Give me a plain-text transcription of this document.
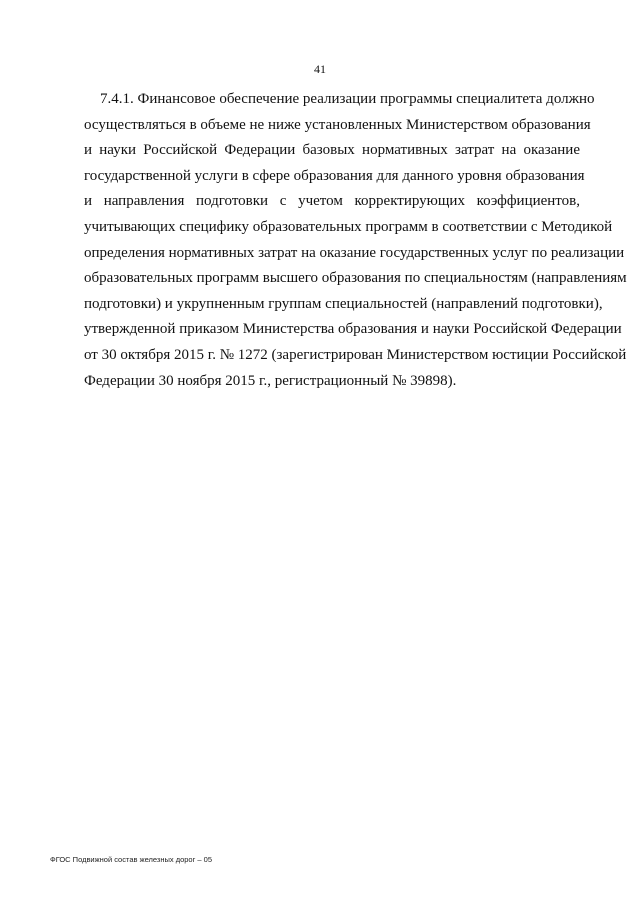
41
7.4.1. Финансовое обеспечение реализации программы специалитета должно
осуществляться в объеме не ниже установленных Министерством образования
и науки Российской Федерации базовых нормативных затрат на оказание
государственной услуги в сфере образования для данного уровня образования
и направления подготовки с учетом корректирующих коэффициентов,
учитывающих специфику образовательных программ в соответствии с Методикой
определения нормативных затрат на оказание государственных услуг по реализации
образовательных программ высшего образования по специальностям (направлениям
подготовки) и укрупненным группам специальностей (направлений подготовки),
утвержденной приказом Министерства образования и науки Российской Федерации
от 30 октября 2015 г. № 1272 (зарегистрирован Министерством юстиции Российской
Федерации 30 ноября 2015 г., регистрационный № 39898).
ФГОС Подвижной состав железных дорог – 05
